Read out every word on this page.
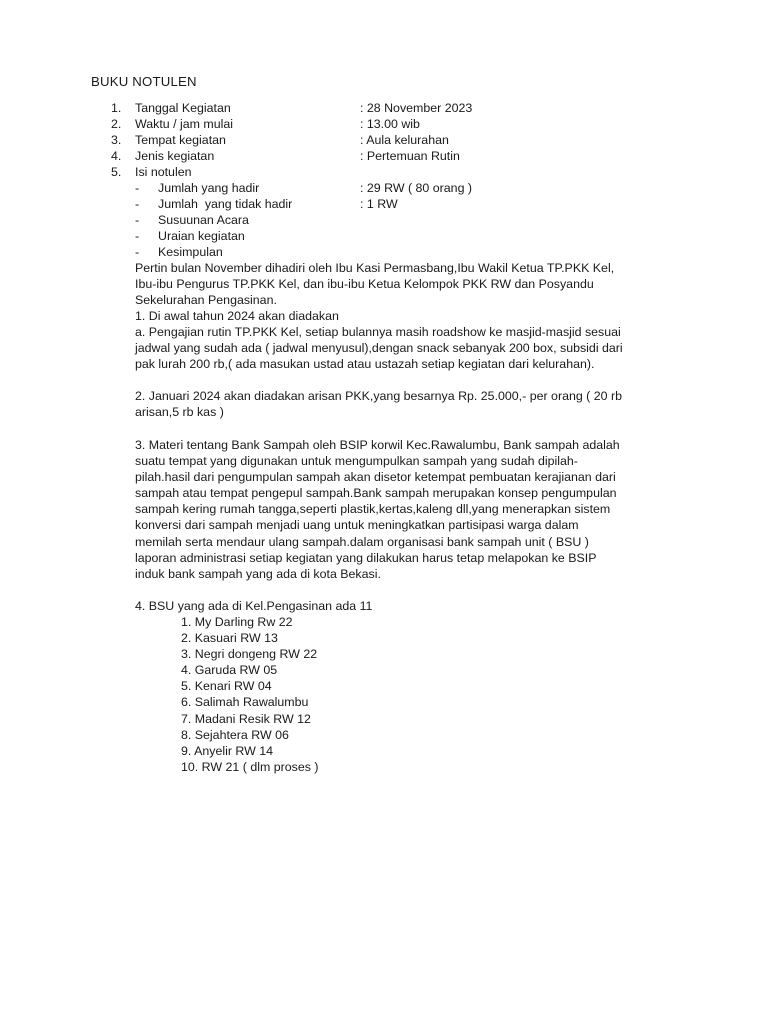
BUKU NOTULEN
1. Tanggal Kegiatan	: 28 November 2023
2. Waktu / jam mulai	: 13.00 wib
3. Tempat kegiatan	: Aula kelurahan
4. Jenis kegiatan	: Pertemuan Rutin
5. Isi notulen
- Jumlah yang hadir	: 29 RW ( 80 orang )
- Jumlah  yang tidak hadir	: 1 RW
- Susuunan Acara
- Uraian kegiatan
- Kesimpulan
Pertin bulan November dihadiri oleh Ibu Kasi Permasbang,Ibu Wakil Ketua TP.PKK Kel,
Ibu-ibu Pengurus TP.PKK Kel, dan ibu-ibu Ketua Kelompok PKK RW dan Posyandu
Sekelurahan Pengasinan.
1. Di awal tahun 2024 akan diadakan
a. Pengajian rutin TP.PKK Kel, setiap bulannya masih roadshow ke masjid-masjid sesuai
jadwal yang sudah ada ( jadwal menyusul),dengan snack sebanyak 200 box, subsidi dari
pak lurah 200 rb,( ada masukan ustad atau ustazah setiap kegiatan dari kelurahan).
2. Januari 2024 akan diadakan arisan PKK,yang besarnya Rp. 25.000,- per orang ( 20 rb
arisan,5 rb kas )
3. Materi tentang Bank Sampah oleh BSIP korwil Kec.Rawalumbu, Bank sampah adalah
suatu tempat yang digunakan untuk mengumpulkan sampah yang sudah dipilah-
pilah.hasil dari pengumpulan sampah akan disetor ketempat pembuatan kerajianan dari
sampah atau tempat pengepul sampah.Bank sampah merupakan konsep pengumpulan
sampah kering rumah tangga,seperti plastik,kertas,kaleng dll,yang menerapkan sistem
konversi dari sampah menjadi uang untuk meningkatkan partisipasi warga dalam
memilah serta mendaur ulang sampah.dalam organisasi bank sampah unit ( BSU )
laporan administrasi setiap kegiatan yang dilakukan harus tetap melapokan ke BSIP
induk bank sampah yang ada di kota Bekasi.
4. BSU yang ada di Kel.Pengasinan ada 11
1. My Darling Rw 22
2. Kasuari RW 13
3. Negri dongeng RW 22
4. Garuda RW 05
5. Kenari RW 04
6. Salimah Rawalumbu
7. Madani Resik RW 12
8. Sejahtera RW 06
9. Anyelir RW 14
10. RW 21 ( dlm proses )
